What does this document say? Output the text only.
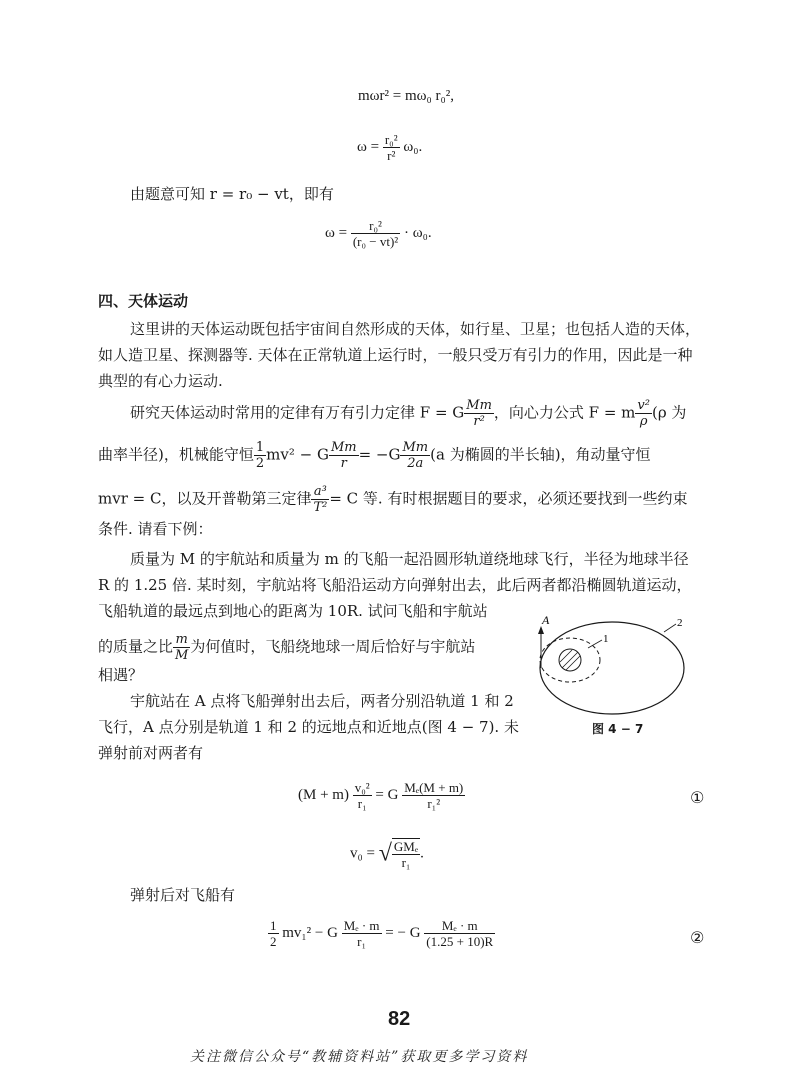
mωr² = mω₀ r₀²,
$\omega = \frac{\text{r₀²}}{\text{r²}} \omega_0$.
由题意可知 r = r₀ − vt，即有
$\omega = \frac{\text{r₀²}}{\text{(r₀ − vt)²}} \cdot \omega_0$.
四、天体运动
这里讲的天体运动既包括宇宙间自然形成的天体，如行星、卫星；也包括人造的天体，
如人造卫星、探测器等. 天体在正常轨道上运行时，一般只受万有引力的作用，因此是一种
典型的有心力运动.
研究天体运动时常用的定律有万有引力定律 F = G $\frac{Mm}{\text{r²}}$ ，向心力公式 F = m $\frac{\text{v²}}{\rho} (\rho$ 为
曲率半径)，机械能守恒 $\frac{1}{2} mv^2 - G \frac{Mm}{r} = -G \frac{Mm}{2a} (a$ 为椭圆的半长轴)，角动量守恒
mvr = C，以及开普勒第三定律 $\frac{\text{a³}}{\text{T²}} = C$ 等. 有时根据题目的要求，必须还要找到一些约束
条件. 请看下例：
质量为 M 的宇航站和质量为 m 的飞船一起沿圆形轨道绕地球飞行，半径为地球半径
R 的 1.25 倍. 某时刻，宇航站将飞船沿运动方向弹射出去，此后两者都沿椭圆轨道运动，
飞船轨道的最远点到地心的距离为 10R. 试问飞船和宇航站
的质量之比 $\frac{m}{M}$ 为何值时，飞船绕地球一周后恰好与宇航站
相遇？
宇航站在 A 点将飞船弹射出去后，两者分别沿轨道 1 和 2
飞行，A 点分别是轨道 1 和 2 的远地点和近地点(图 4 − 7). 未
弹射前对两者有
A
1
2
图 4 − 7
$(M + m) \frac{\text{v₀²}}{\text{r₁}} = G \frac{\text{Mₑ(M + m)}}{\text{r₁²}}$	①
v₀ = √ $\frac{\text{GMₑ}}{\text{r₁}}$ .
弹射后对飞船有
$\frac{1}{2} mv_1^2 - G \frac{\text{Mₑ · m}}{\text{r₁}}$ = − G $\frac{\text{Mₑ · m}}{(1.25 + 10)R}$	②
82
关注微信公众号“教辅资料站”获取更多学习资料
